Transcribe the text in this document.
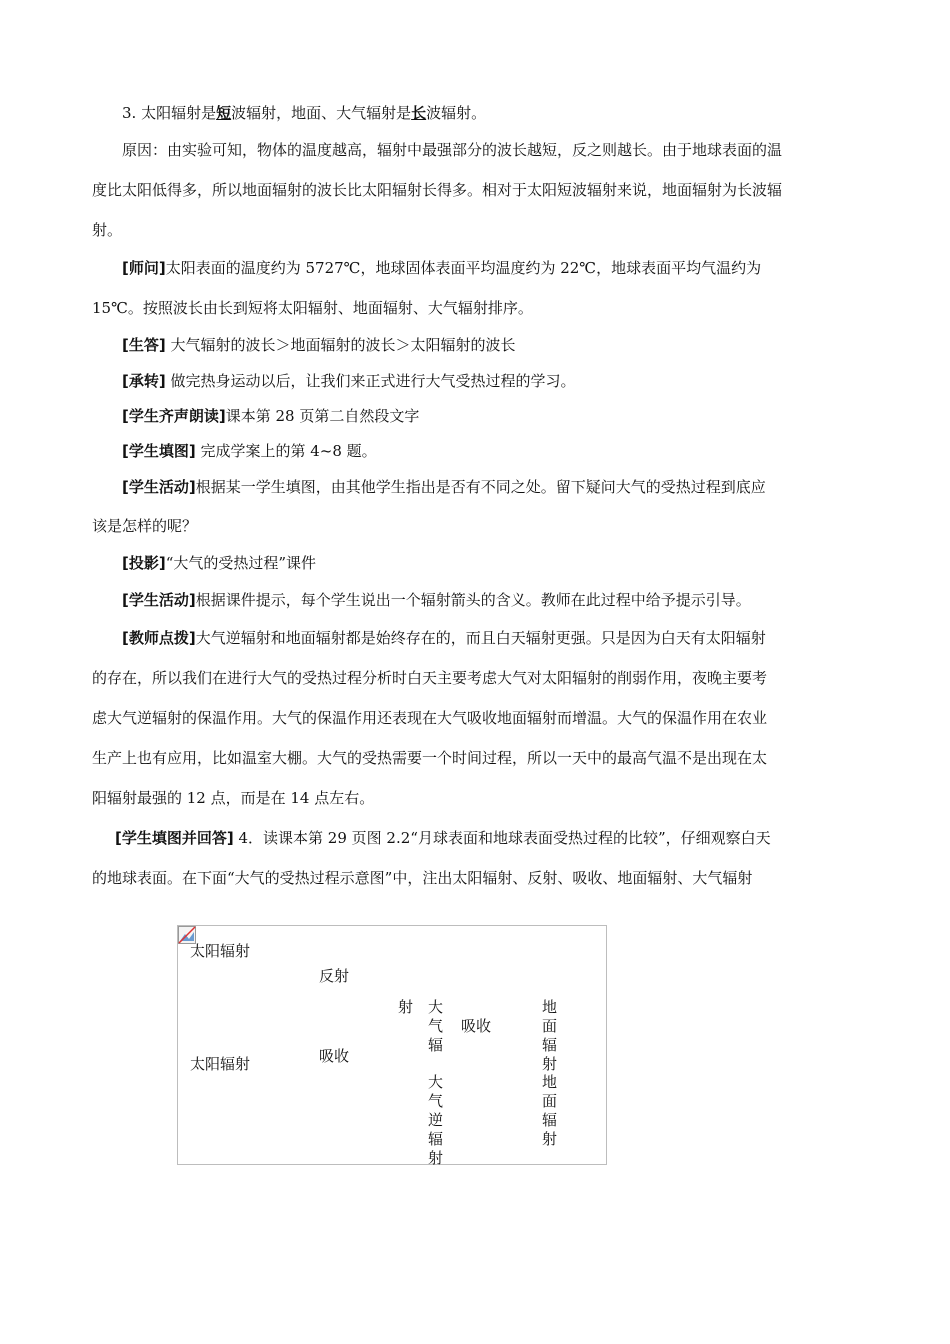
3. 太阳辐射是短波辐射，地面、大气辐射是长波辐射。
原因：由实验可知，物体的温度越高，辐射中最强部分的波长越短，反之则越长。由于地球表面的温
度比太阳低得多，所以地面辐射的波长比太阳辐射长得多。相对于太阳短波辐射来说，地面辐射为长波辐
射。
[师问]太阳表面的温度约为 5727℃，地球固体表面平均温度约为 22℃，地球表面平均气温约为
15℃。按照波长由长到短将太阳辐射、地面辐射、大气辐射排序。
[生答] 大气辐射的波长＞地面辐射的波长＞太阳辐射的波长
[承转] 做完热身运动以后，让我们来正式进行大气受热过程的学习。
[学生齐声朗读]课本第 28 页第二自然段文字
[学生填图] 完成学案上的第 4~8 题。
[学生活动]根据某一学生填图，由其他学生指出是否有不同之处。留下疑问大气的受热过程到底应
该是怎样的呢？
[投影]“大气的受热过程”课件
[学生活动]根据课件提示，每个学生说出一个辐射箭头的含义。教师在此过程中给予提示引导。
[教师点拨]大气逆辐射和地面辐射都是始终存在的，而且白天辐射更强。只是因为白天有太阳辐射
的存在，所以我们在进行大气的受热过程分析时白天主要考虑大气对太阳辐射的削弱作用，夜晚主要考
虑大气逆辐射的保温作用。大气的保温作用还表现在大气吸收地面辐射而增温。大气的保温作用在农业
生产上也有应用，比如温室大棚。大气的受热需要一个时间过程，所以一天中的最高气温不是出现在太
阳辐射最强的 12 点，而是在 14 点左右。
[学生填图并回答] 4．读课本第 29 页图 2.2“月球表面和地球表面受热过程的比较”，仔细观察白天
的地球表面。在下面“大气的受热过程示意图”中，注出太阳辐射、反射、吸收、地面辐射、大气辐射
太阳辐射
反射
射 大气辐
吸收
地面辐射
太阳辐射	吸收
大气逆辐射
地面辐射
